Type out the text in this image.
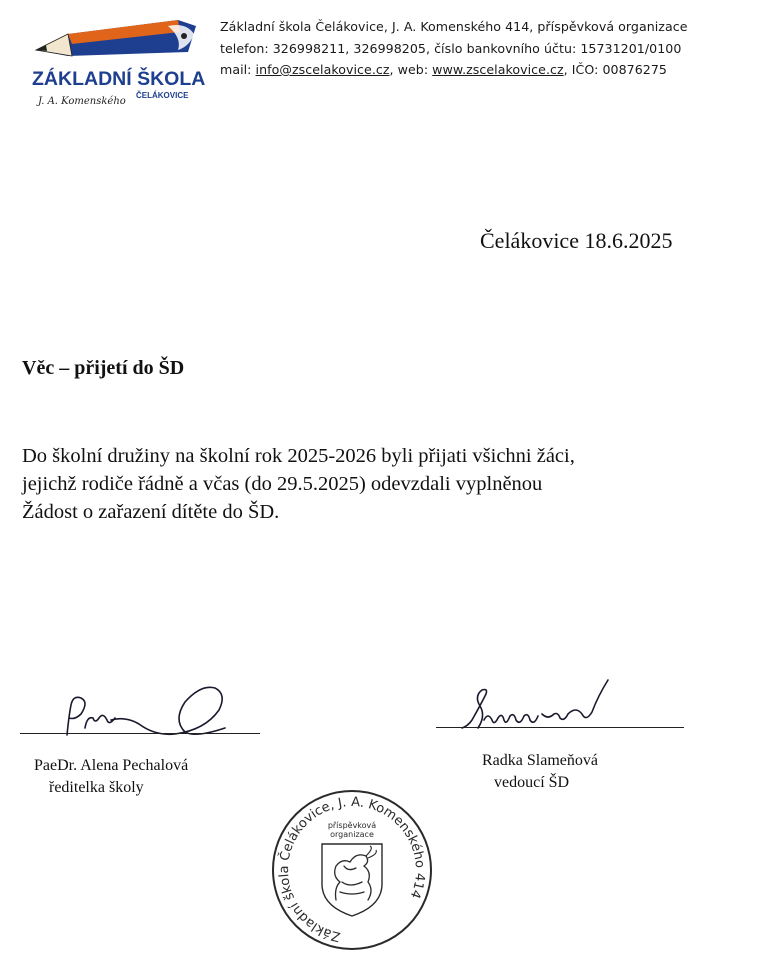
ZÁKLADNÍ ŠKOLA
J. A. Komenského
ČELÁKOVICE
Základní škola Čelákovice, J. A. Komenského 414, příspěvková organizace
telefon: 326998211, 326998205, číslo bankovního účtu: 15731201/0100
mail: info@zscelakovice.cz, web: www.zscelakovice.cz, IČO: 00876275
Čelákovice 18.6.2025
Věc – přijetí do ŠD
Do školní družiny na školní rok 2025-2026 byli přijati všichni žáci,
jejichž rodiče řádně a včas (do 29.5.2025) odevzdali vyplněnou
Žádost o zařazení dítěte do ŠD.
PaeDr. Alena Pechalová
ředitelka školy
Radka Slameňová
vedoucí ŠD
Základní škola Čelákovice, J. A. Komenského 414
příspěvková
organizace
